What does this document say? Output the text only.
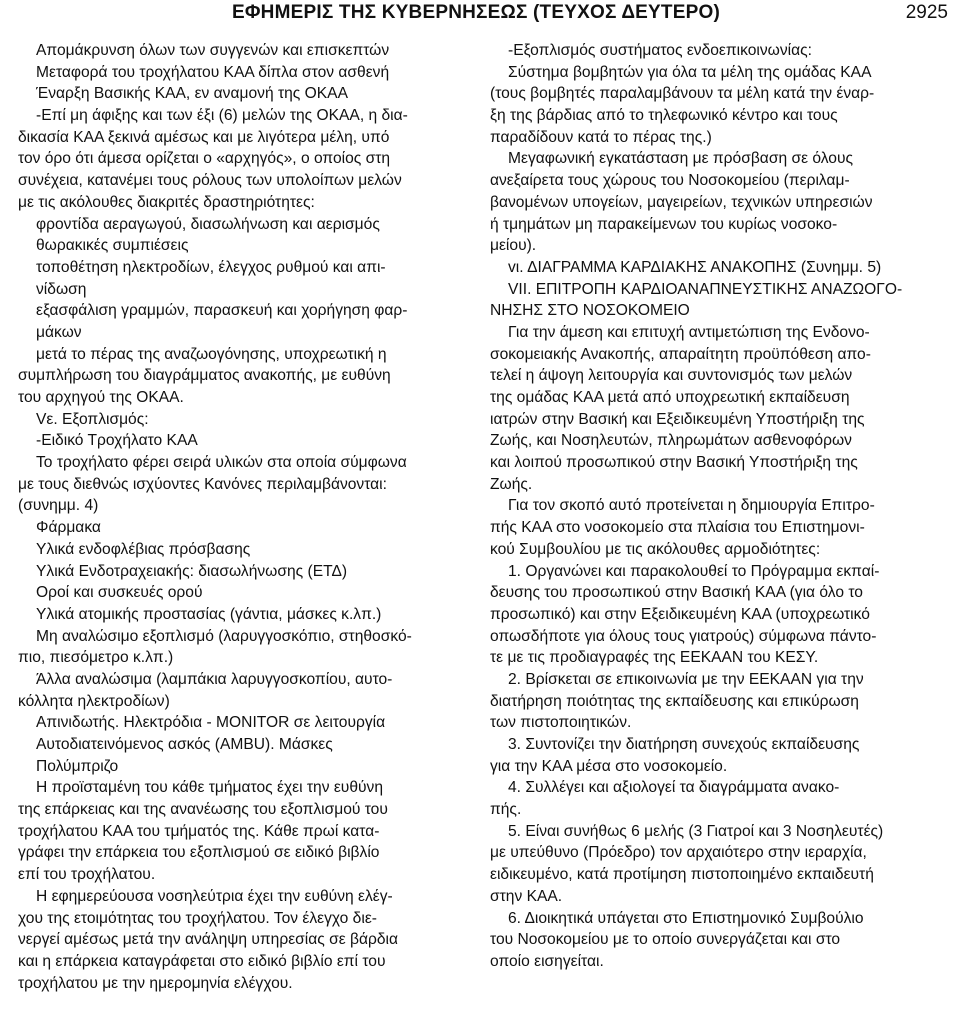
ΕΦΗΜΕΡΙΣ ΤΗΣ ΚΥΒΕΡΝΗΣΕΩΣ (ΤΕΥΧΟΣ ΔΕΥΤΕΡΟ)	2925
Απομάκρυνση όλων των συγγενών και επισκεπτών
Μεταφορά του τροχήλατου ΚΑΑ δίπλα στον ασθενή
Έναρξη Βασικής ΚΑΑ, εν αναμονή της ΟΚΑΑ
-Επί μη άφιξης και των έξι (6) μελών της ΟΚΑΑ, η δια-
δικασία ΚΑΑ ξεκινά αμέσως και με λιγότερα μέλη, υπό
τον όρο ότι άμεσα ορίζεται ο «αρχηγός», ο οποίος στη
συνέχεια, κατανέμει τους ρόλους των υπολοίπων μελών
με τις ακόλουθες διακριτές δραστηριότητες:
φροντίδα αεραγωγού, διασωλήνωση και αερισμός
θωρακικές συμπιέσεις
τοποθέτηση ηλεκτροδίων, έλεγχος ρυθμού και απι-
νίδωση
εξασφάλιση γραμμών, παρασκευή και χορήγηση φαρ-
μάκων
μετά το πέρας της αναζωογόνησης, υποχρεωτική η
συμπλήρωση του διαγράμματος ανακοπής, με ευθύνη
του αρχηγού της ΟΚΑΑ.
Vε. Εξοπλισμός:
-Ειδικό Τροχήλατο ΚΑΑ
Το τροχήλατο φέρει σειρά υλικών στα οποία σύμφωνα
με τους διεθνώς ισχύοντες Κανόνες περιλαμβάνονται:
(συνημμ. 4)
Φάρμακα
Υλικά ενδοφλέβιας πρόσβασης
Υλικά Ενδοτραχειακής: διασωλήνωσης (ΕΤΔ)
Οροί και συσκευές ορού
Υλικά ατομικής προστασίας (γάντια, μάσκες κ.λπ.)
Μη αναλώσιμο εξοπλισμό (λαρυγγοσκόπιο, στηθοσκό-
πιο, πιεσόμετρο κ.λπ.)
Άλλα αναλώσιμα (λαμπάκια λαρυγγοσκοπίου, αυτο-
κόλλητα ηλεκτροδίων)
Απινιδωτής. Ηλεκτρόδια - MONITOR σε λειτουργία
Αυτοδιατεινόμενος ασκός (AMBU). Μάσκες
Πολύμπριζο
Η προϊσταμένη του κάθε τμήματος έχει την ευθύνη
της επάρκειας και της ανανέωσης του εξοπλισμού του
τροχήλατου ΚΑΑ του τμήματός της. Κάθε πρωί κατα-
γράφει την επάρκεια του εξοπλισμού σε ειδικό βιβλίο
επί του τροχήλατου.
Η εφημερεύουσα νοσηλεύτρια έχει την ευθύνη ελέγ-
χου της ετοιμότητας του τροχήλατου. Τον έλεγχο διε-
νεργεί αμέσως μετά την ανάληψη υπηρεσίας σε βάρδια
και η επάρκεια καταγράφεται στο ειδικό βιβλίο επί του
τροχήλατου με την ημερομηνία ελέγχου.
-Εξοπλισμός συστήματος ενδοεπικοινωνίας:
Σύστημα βομβητών για όλα τα μέλη της ομάδας ΚΑΑ
(τους βομβητές παραλαμβάνουν τα μέλη κατά την έναρ-
ξη της βάρδιας από το τηλεφωνικό κέντρο και τους
παραδίδουν κατά το πέρας της.)
Μεγαφωνική εγκατάσταση με πρόσβαση σε όλους
ανεξαίρετα τους χώρους του Νοσοκομείου (περιλαμ-
βανομένων υπογείων, μαγειρείων, τεχνικών υπηρεσιών
ή τμημάτων μη παρακείμενων του κυρίως νοσοκο-
μείου).
vι. ΔΙΑΓΡΑΜΜΑ ΚΑΡΔΙΑΚΗΣ ΑΝΑΚΟΠΗΣ (Συνημμ. 5)
VII. ΕΠΙΤΡΟΠΗ ΚΑΡΔΙΟΑΝΑΠΝΕΥΣΤΙΚΗΣ ΑΝΑΖΩΟΓΟ-
ΝΗΣΗΣ ΣΤΟ ΝΟΣΟΚΟΜΕΙΟ
Για την άμεση και επιτυχή αντιμετώπιση της Ενδονο-
σοκομειακής Ανακοπής, απαραίτητη προϋπόθεση απο-
τελεί η άψογη λειτουργία και συντονισμός των μελών
της ομάδας ΚΑΑ μετά από υποχρεωτική εκπαίδευση
ιατρών στην Βασική και Εξειδικευμένη Υποστήριξη της
Ζωής, και Νοσηλευτών, πληρωμάτων ασθενοφόρων
και λοιπού προσωπικού στην Βασική Υποστήριξη της
Ζωής.
Για τον σκοπό αυτό προτείνεται η δημιουργία Επιτρο-
πής ΚΑΑ στο νοσοκομείο στα πλαίσια του Επιστημονι-
κού Συμβουλίου με τις ακόλουθες αρμοδιότητες:
1. Οργανώνει και παρακολουθεί το Πρόγραμμα εκπαί-
δευσης του προσωπικού στην Βασική ΚΑΑ (για όλο το
προσωπικό) και στην Εξειδικευμένη ΚΑΑ (υποχρεωτικό
οπωσδήποτε για όλους τους γιατρούς) σύμφωνα πάντο-
τε με τις προδιαγραφές της ΕΕΚΑΑΝ του ΚΕΣΥ.
2. Βρίσκεται σε επικοινωνία με την ΕΕΚΑΑΝ για την
διατήρηση ποιότητας της εκπαίδευσης και επικύρωση
των πιστοποιητικών.
3. Συντονίζει την διατήρηση συνεχούς εκπαίδευσης
για την ΚΑΑ μέσα στο νοσοκομείο.
4. Συλλέγει και αξιολογεί τα διαγράμματα ανακο-
πής.
5. Είναι συνήθως 6 μελής (3 Γιατροί και 3 Νοσηλευτές)
με υπεύθυνο (Πρόεδρο) τον αρχαιότερο στην ιεραρχία,
ειδικευμένο, κατά προτίμηση πιστοποιημένο εκπαιδευτή
στην ΚΑΑ.
6. Διοικητικά υπάγεται στο Επιστημονικό Συμβούλιο
του Νοσοκομείου με το οποίο συνεργάζεται και στο
οποίο εισηγείται.
